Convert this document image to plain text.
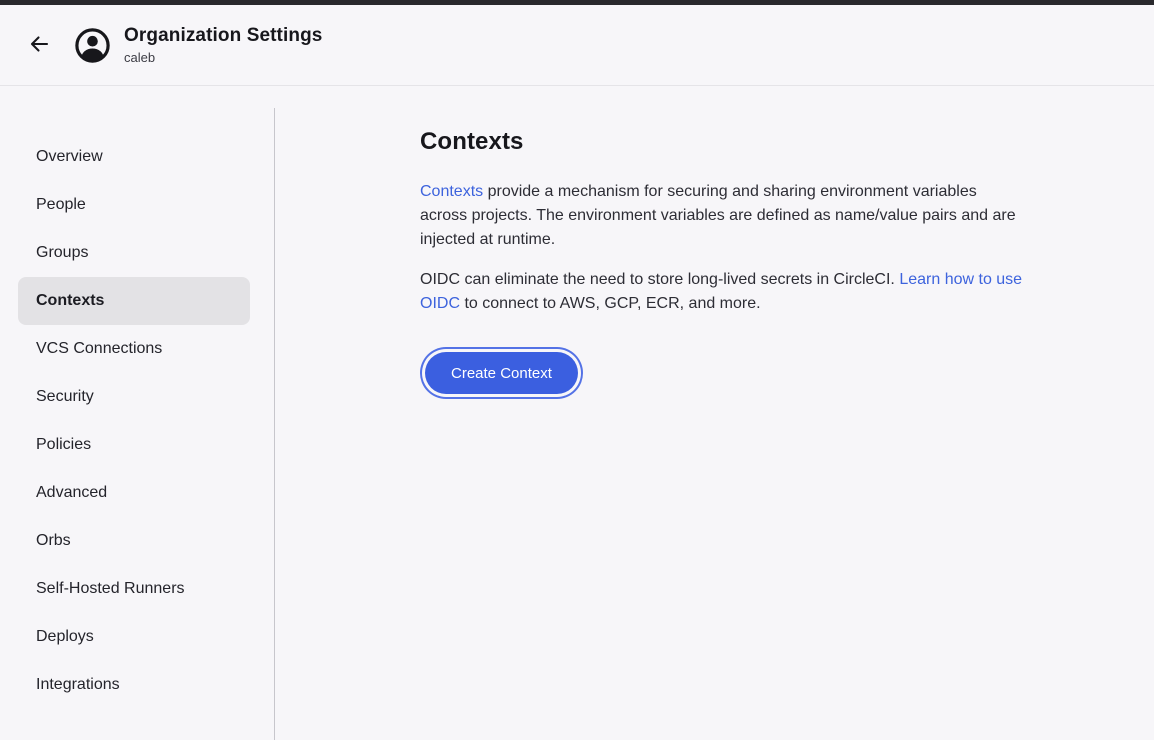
Organization Settings
caleb
Overview
People
Groups
Contexts
VCS Connections
Security
Policies
Advanced
Orbs
Self-Hosted Runners
Deploys
Integrations
Contexts

Contexts provide a mechanism for securing and sharing environment variables across projects. The environment variables are defined as name/value pairs and are injected at runtime.

OIDC can eliminate the need to store long-lived secrets in CircleCI. Learn how to use OIDC to connect to AWS, GCP, ECR, and more.

Create Context
